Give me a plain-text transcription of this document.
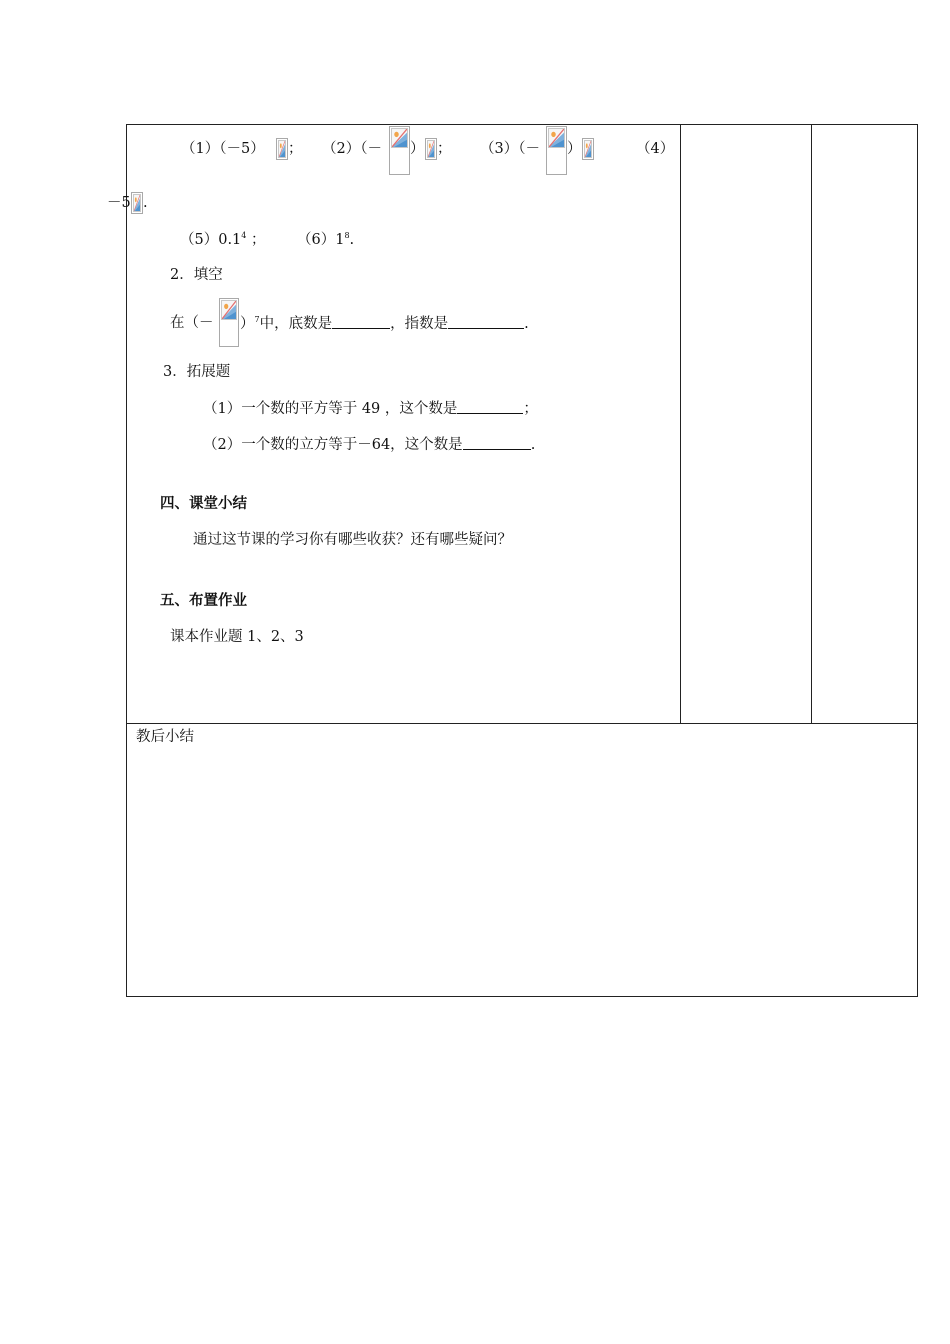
（1）（－5） ； （2）（－ ） ； （3）（－ ）	（4）
－5 .
$(5)0.1^4$ ； $(6)1^8$.
2．填空
在（－ ）$^7$中，底数是	，指数是	.
3．拓展题
（1）一个数的平方等于 49 ，这个数是	；
（2）一个数的立方等于－64，这个数是	.
四、课堂小结
通过这节课的学习你有哪些收获？还有哪些疑问？
五、布置作业
课本作业题 1、2、3
教后小结
